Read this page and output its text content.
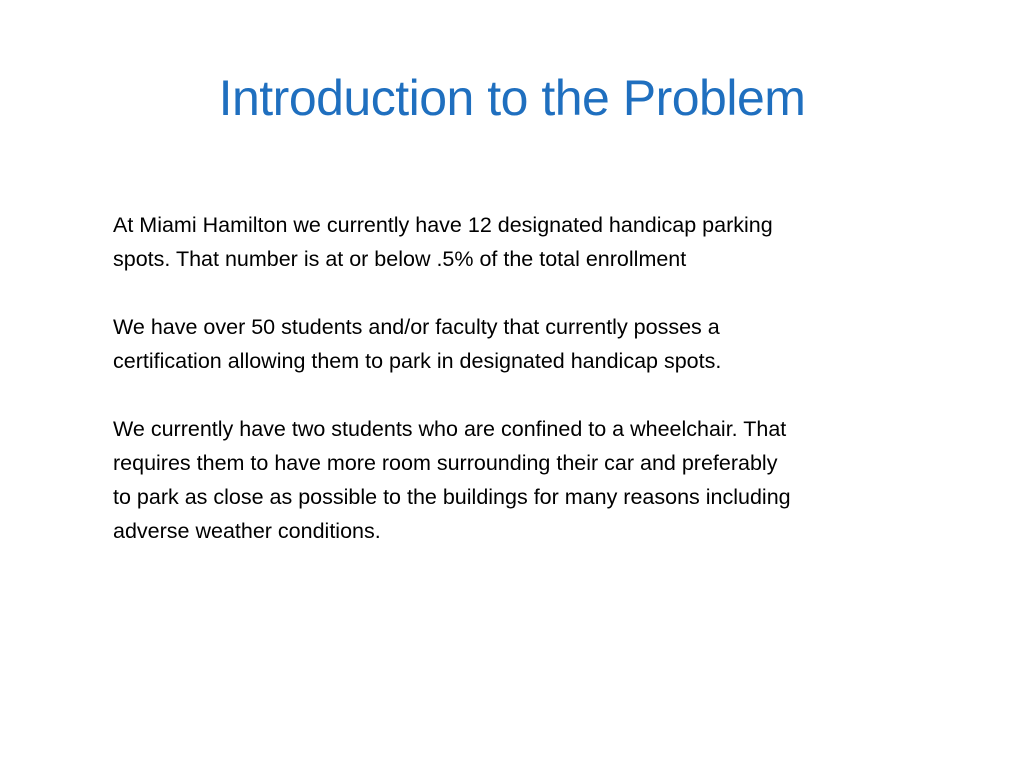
Introduction to the Problem

At Miami Hamilton we currently have 12 designated handicap parking
spots. That number is at or below .5% of the total enrollment

We have over 50 students and/or faculty that currently posses a
certification allowing them to park in designated handicap spots.

We currently have two students who are confined to a wheelchair. That
requires them to have more room surrounding their car and preferably
to park as close as possible to the buildings for many reasons including
adverse weather conditions.
